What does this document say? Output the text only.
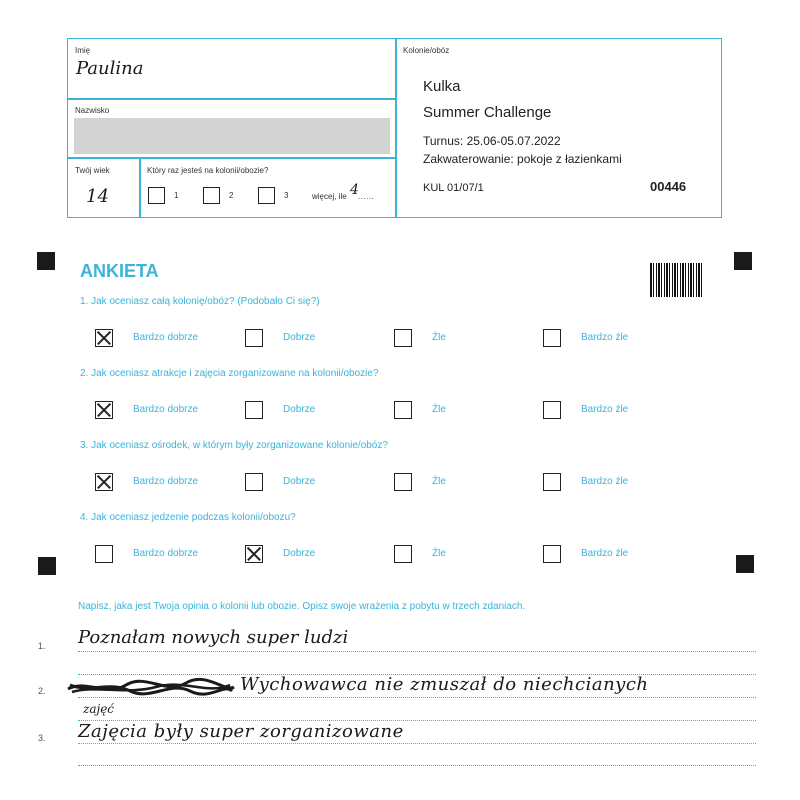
Imię
Paulina
Nazwisko
Twój wiek
14
Który raz jesteś na kolonii/obozie?
1	2	3	więcej, ile 4 ......
Kolonie/obóz
Kulka
Summer Challenge
Turnus: 25.06-05.07.2022
Zakwaterowanie: pokoje z łazienkami
KUL 01/07/1	00446
ANKIETA
1. Jak oceniasz całą kolonię/obóz? (Podobało Ci się?)
Bardzo dobrze	Dobrze	Źle	Bardzo źle
2. Jak oceniasz atrakcje i zajęcia zorganizowane na kolonii/obozie?
Bardzo dobrze	Dobrze	Źle	Bardzo źle
3. Jak oceniasz ośrodek, w którym były zorganizowane kolonie/obóz?
Bardzo dobrze	Dobrze	Źle	Bardzo źle
4. Jak oceniasz jedzenie podczas kolonii/obozu?
Bardzo dobrze	Dobrze	Źle	Bardzo źle
Napisz, jaka jest Twoja opinia o kolonii lub obozie. Opisz swoje wrażenia z pobytu w trzech zdaniach.
1.
2.
3.
Poznałam nowych super ludzi
Wychowawca nie zmuszał do niechcianych
zajęć
Zajęcia były super zorganizowane
